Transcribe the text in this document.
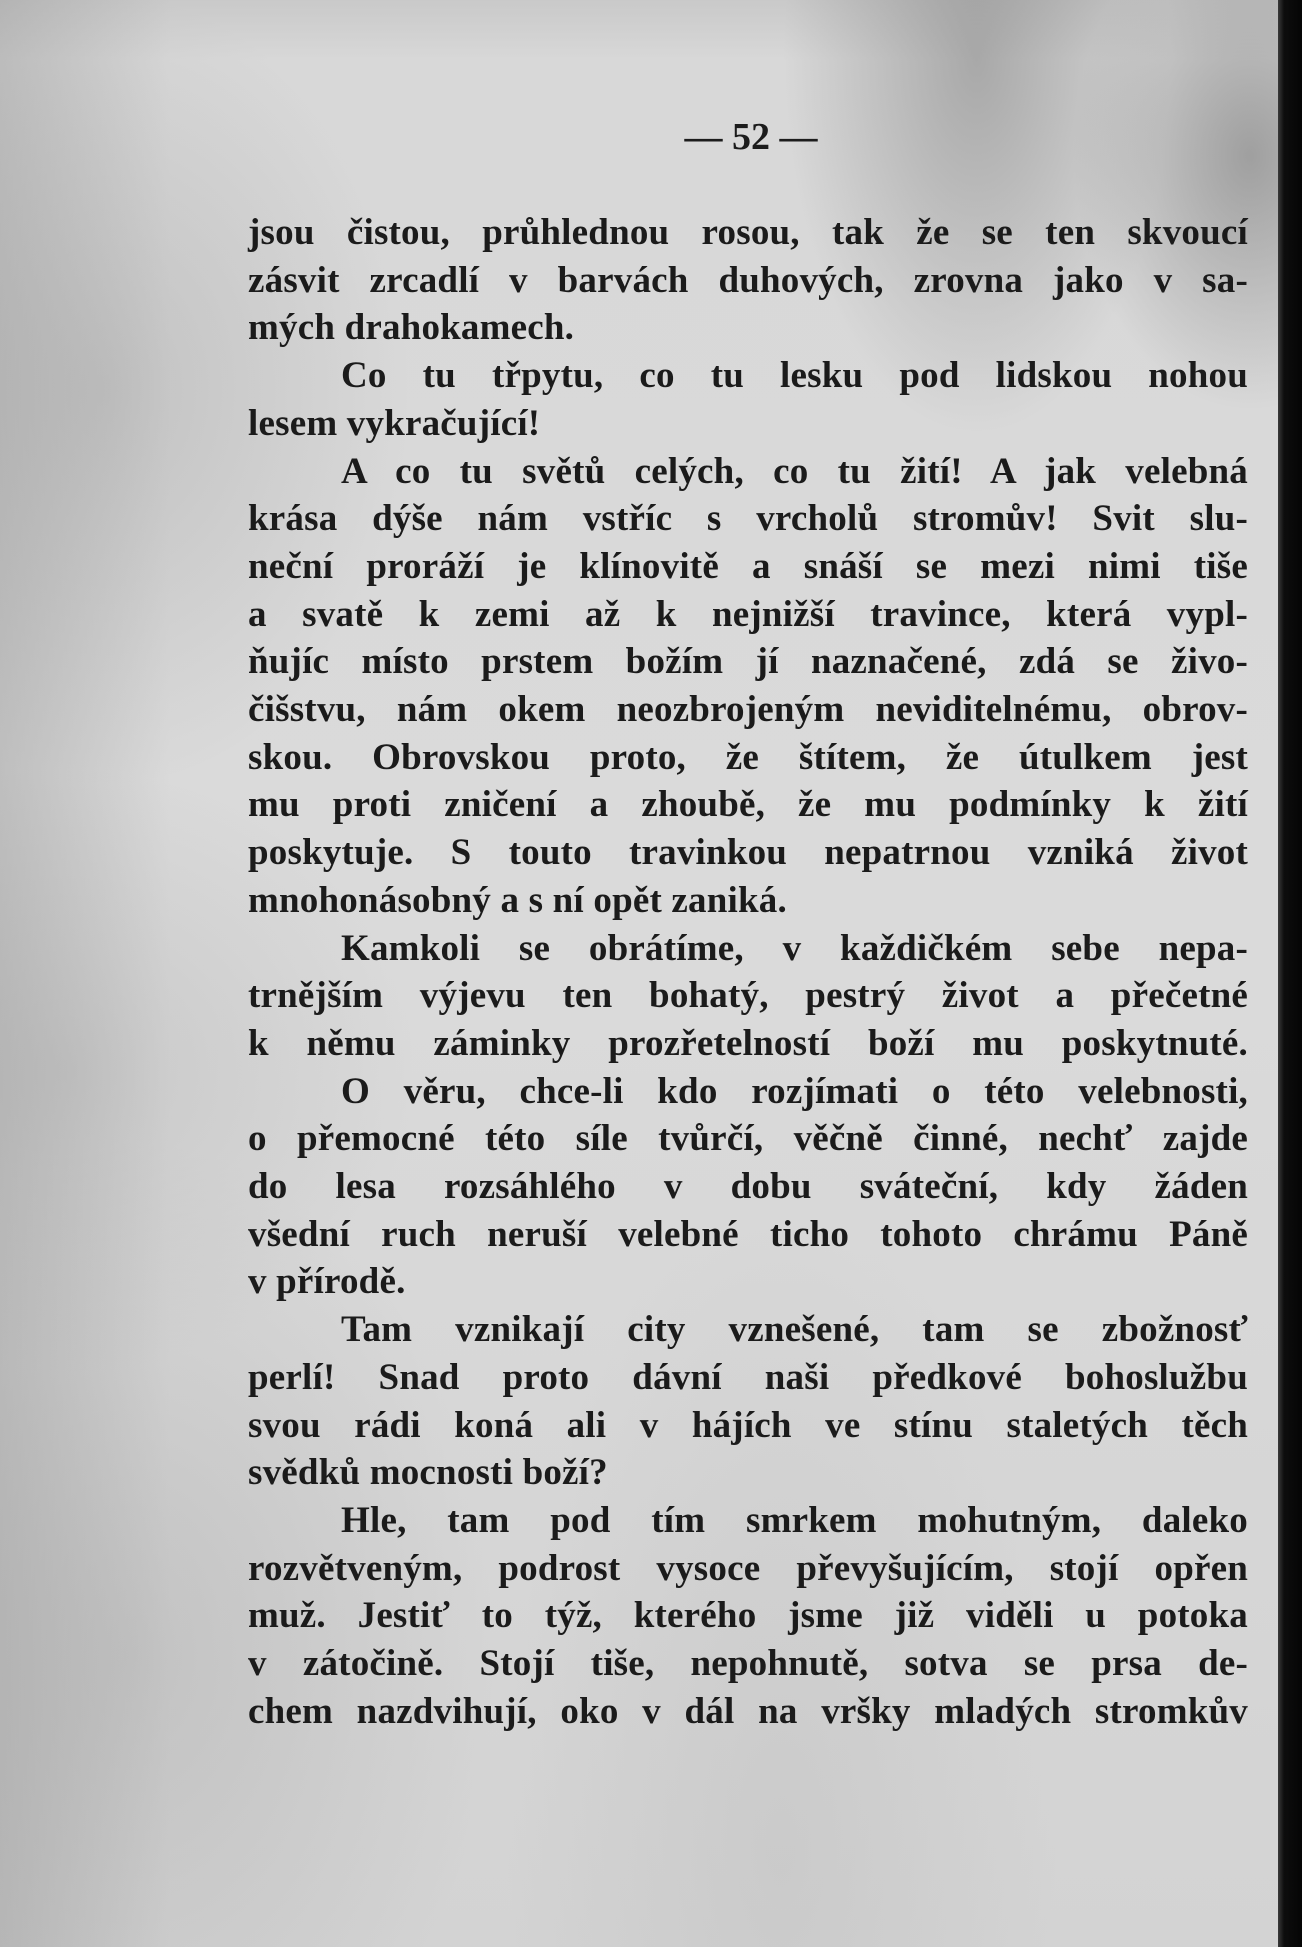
— 52 —
jsou čistou, průhlednou rosou, tak že se ten skvoucí
zásvit zrcadlí v barvách duhových, zrovna jako v sa-
mých drahokamech.
Co tu třpytu, co tu lesku pod lidskou nohou
lesem vykračující!
A co tu světů celých, co tu žití! A jak velebná
krása dýše nám vstříc s vrcholů stromův! Svit slu-
neční proráží je klínovitě a snáší se mezi nimi tiše
a svatě k zemi až k nejnižší travince, která vypl-
ňujíc místo prstem božím jí naznačené, zdá se živo-
čišstvu, nám okem neozbrojeným neviditelnému, obrov-
skou. Obrovskou proto, že štítem, že útulkem jest
mu proti zničení a zhoubě, že mu podmínky k žití
poskytuje. S touto travinkou nepatrnou vzniká život
mnohonásobný a s ní opět zaniká.
Kamkoli se obrátíme, v každičkém sebe nepa-
trnějším výjevu ten bohatý, pestrý život a přečetné
k němu záminky prozřetelností boží mu poskytnuté.
O věru, chce-li kdo rozjímati o této velebnosti,
o přemocné této síle tvůrčí, věčně činné, nechť zajde
do lesa rozsáhlého v dobu sváteční, kdy žáden
všední ruch neruší velebné ticho tohoto chrámu Páně
v přírodě.
Tam vznikají city vznešené, tam se zbožnosť
perlí! Snad proto dávní naši předkové bohoslužbu
svou rádi koná ali v hájích ve stínu staletých těch
svědků mocnosti boží?
Hle, tam pod tím smrkem mohutným, daleko
rozvětveným, podrost vysoce převyšujícím, stojí opřen
muž. Jestiť to týž, kterého jsme již viděli u potoka
v zátočině. Stojí tiše, nepohnutě, sotva se prsa de-
chem nazdvihují, oko v dál na vršky mladých stromkův
